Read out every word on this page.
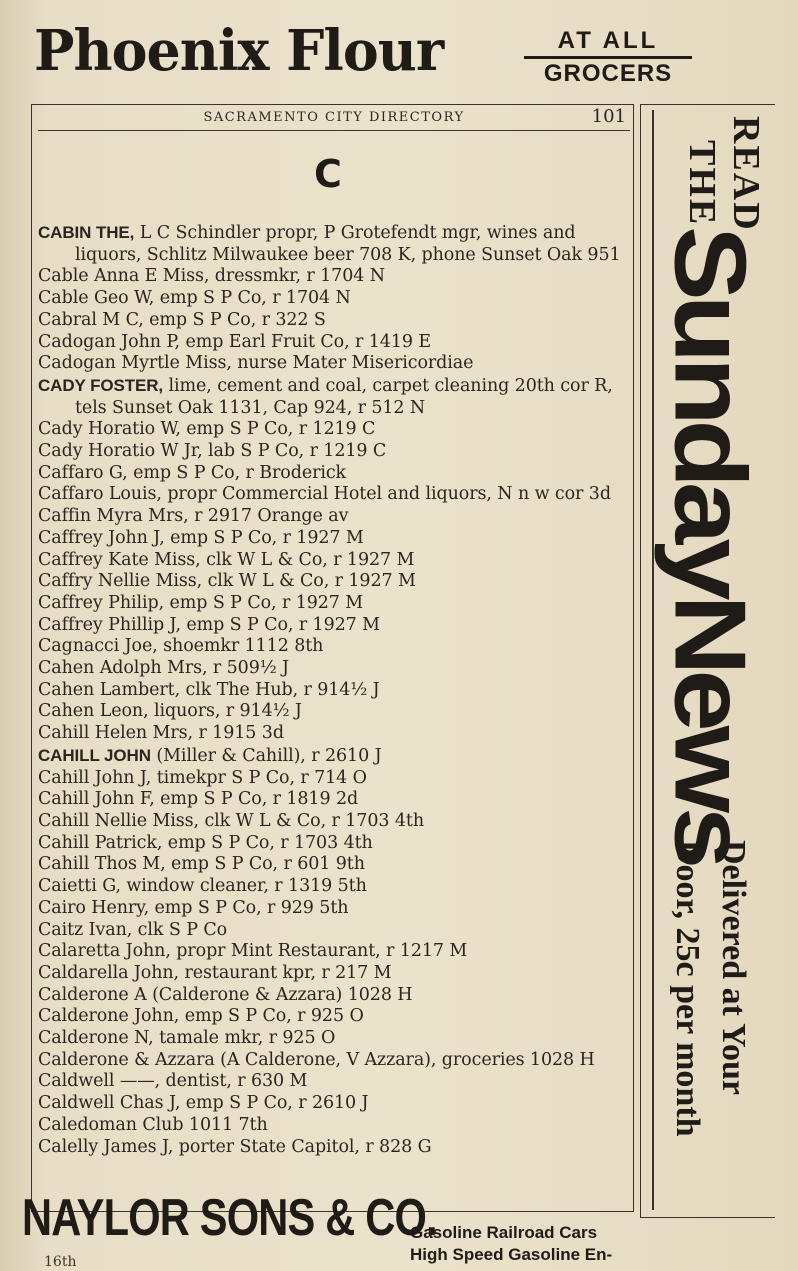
Phoenix Flour	AT ALL
GROCERS
SACRAMENTO CITY DIRECTORY	101
C
CABIN THE, L C Schindler propr, P Grotefendt mgr, wines and liquors, Schlitz Milwaukee beer 708 K, phone Sunset Oak 951
Cable Anna E Miss, dressmkr, r 1704 N
Cable Geo W, emp S P Co, r 1704 N
Cabral M C, emp S P Co, r 322 S
Cadogan John P, emp Earl Fruit Co, r 1419 E
Cadogan Myrtle Miss, nurse Mater Misericordiae
CADY FOSTER, lime, cement and coal, carpet cleaning 20th cor R, tels Sunset Oak 1131, Cap 924, r 512 N
Cady Horatio W, emp S P Co, r 1219 C
Cady Horatio W Jr, lab S P Co, r 1219 C
Caffaro G, emp S P Co, r Broderick
Caffaro Louis, propr Commercial Hotel and liquors, N n w cor 3d
Caffin Myra Mrs, r 2917 Orange av
Caffrey John J, emp S P Co, r 1927 M
Caffrey Kate Miss, clk W L & Co, r 1927 M
Caffry Nellie Miss, clk W L & Co, r 1927 M
Caffrey Philip, emp S P Co, r 1927 M
Caffrey Phillip J, emp S P Co, r 1927 M
Cagnacci Joe, shoemkr 1112 8th
Cahen Adolph Mrs, r 509½ J
Cahen Lambert, clk The Hub, r 914½ J
Cahen Leon, liquors, r 914½ J
Cahill Helen Mrs, r 1915 3d
CAHILL JOHN (Miller & Cahill), r 2610 J
Cahill John J, timekpr S P Co, r 714 O
Cahill John F, emp S P Co, r 1819 2d
Cahill Nellie Miss, clk W L & Co, r 1703 4th
Cahill Patrick, emp S P Co, r 1703 4th
Cahill Thos M, emp S P Co, r 601 9th
Caietti G, window cleaner, r 1319 5th
Cairo Henry, emp S P Co, r 929 5th
Caitz Ivan, clk S P Co
Calaretta John, propr Mint Restaurant, r 1217 M
Caldarella John, restaurant kpr, r 217 M
Calderone A (Calderone & Azzara) 1028 H
Calderone John, emp S P Co, r 925 O
Calderone N, tamale mkr, r 925 O
Calderone & Azzara (A Calderone, V Azzara), groceries 1028 H
Caldwell ——, dentist, r 630 M
Caldwell Chas J, emp S P Co, r 2610 J
Caledoman Club 1011 7th
Calelly James J, porter State Capitol, r 828 G
READ
THE
SundayNews
Delivered at Your
Door, 25c per month
NAYLOR SONS & CO.
Gasoline Railroad Cars
High Speed Gasoline En-
16th
